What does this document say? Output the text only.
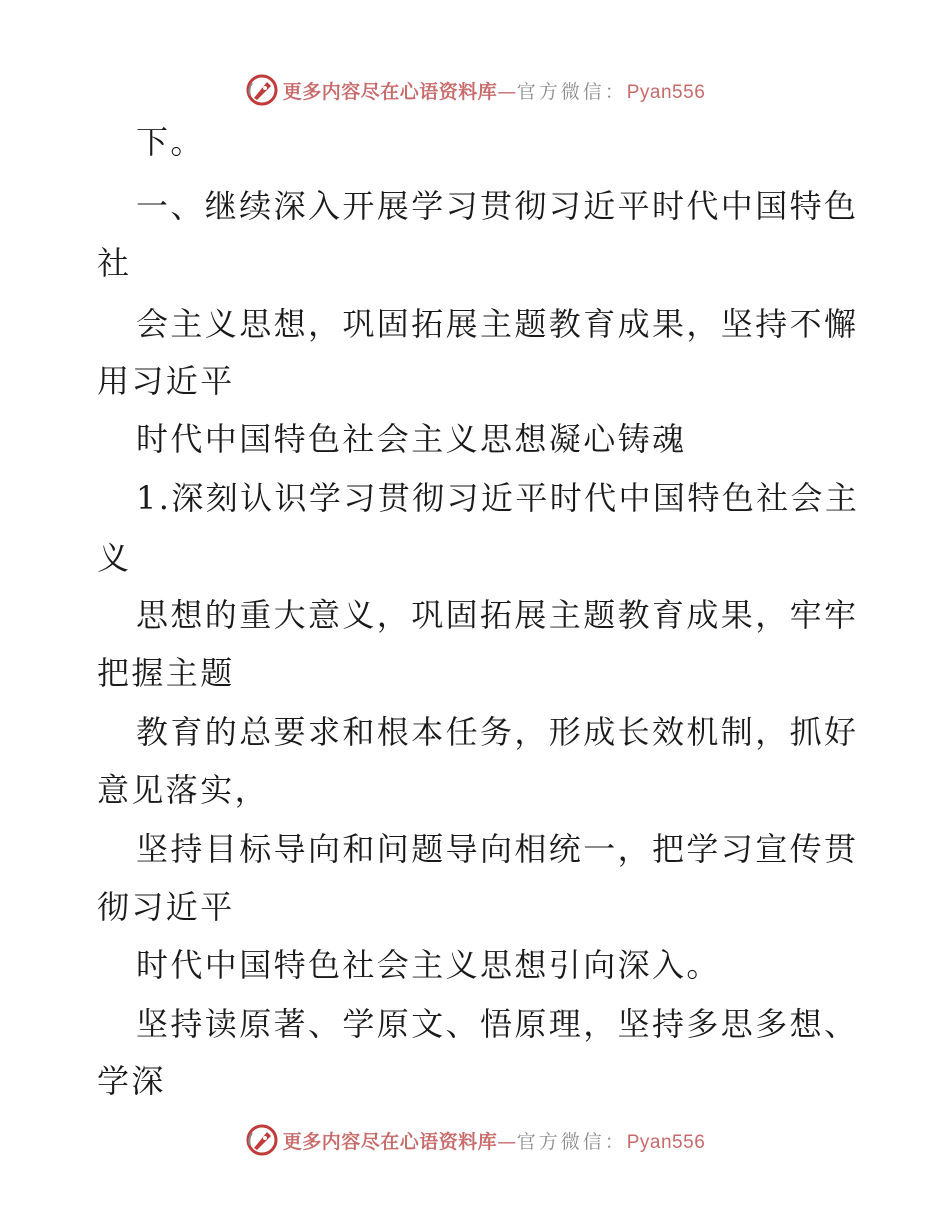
更多内容尽在心语资料库—官方微信：Pyan556
下。
一、继续深入开展学习贯彻习近平时代中国特色
社
会主义思想，巩固拓展主题教育成果，坚持不懈
用习近平
时代中国特色社会主义思想凝心铸魂
1.深刻认识学习贯彻习近平时代中国特色社会主
义
思想的重大意义，巩固拓展主题教育成果，牢牢
把握主题
教育的总要求和根本任务，形成长效机制，抓好
意见落实，
坚持目标导向和问题导向相统一，把学习宣传贯
彻习近平
时代中国特色社会主义思想引向深入。
坚持读原著、学原文、悟原理，坚持多思多想、
学深
更多内容尽在心语资料库—官方微信：Pyan556
